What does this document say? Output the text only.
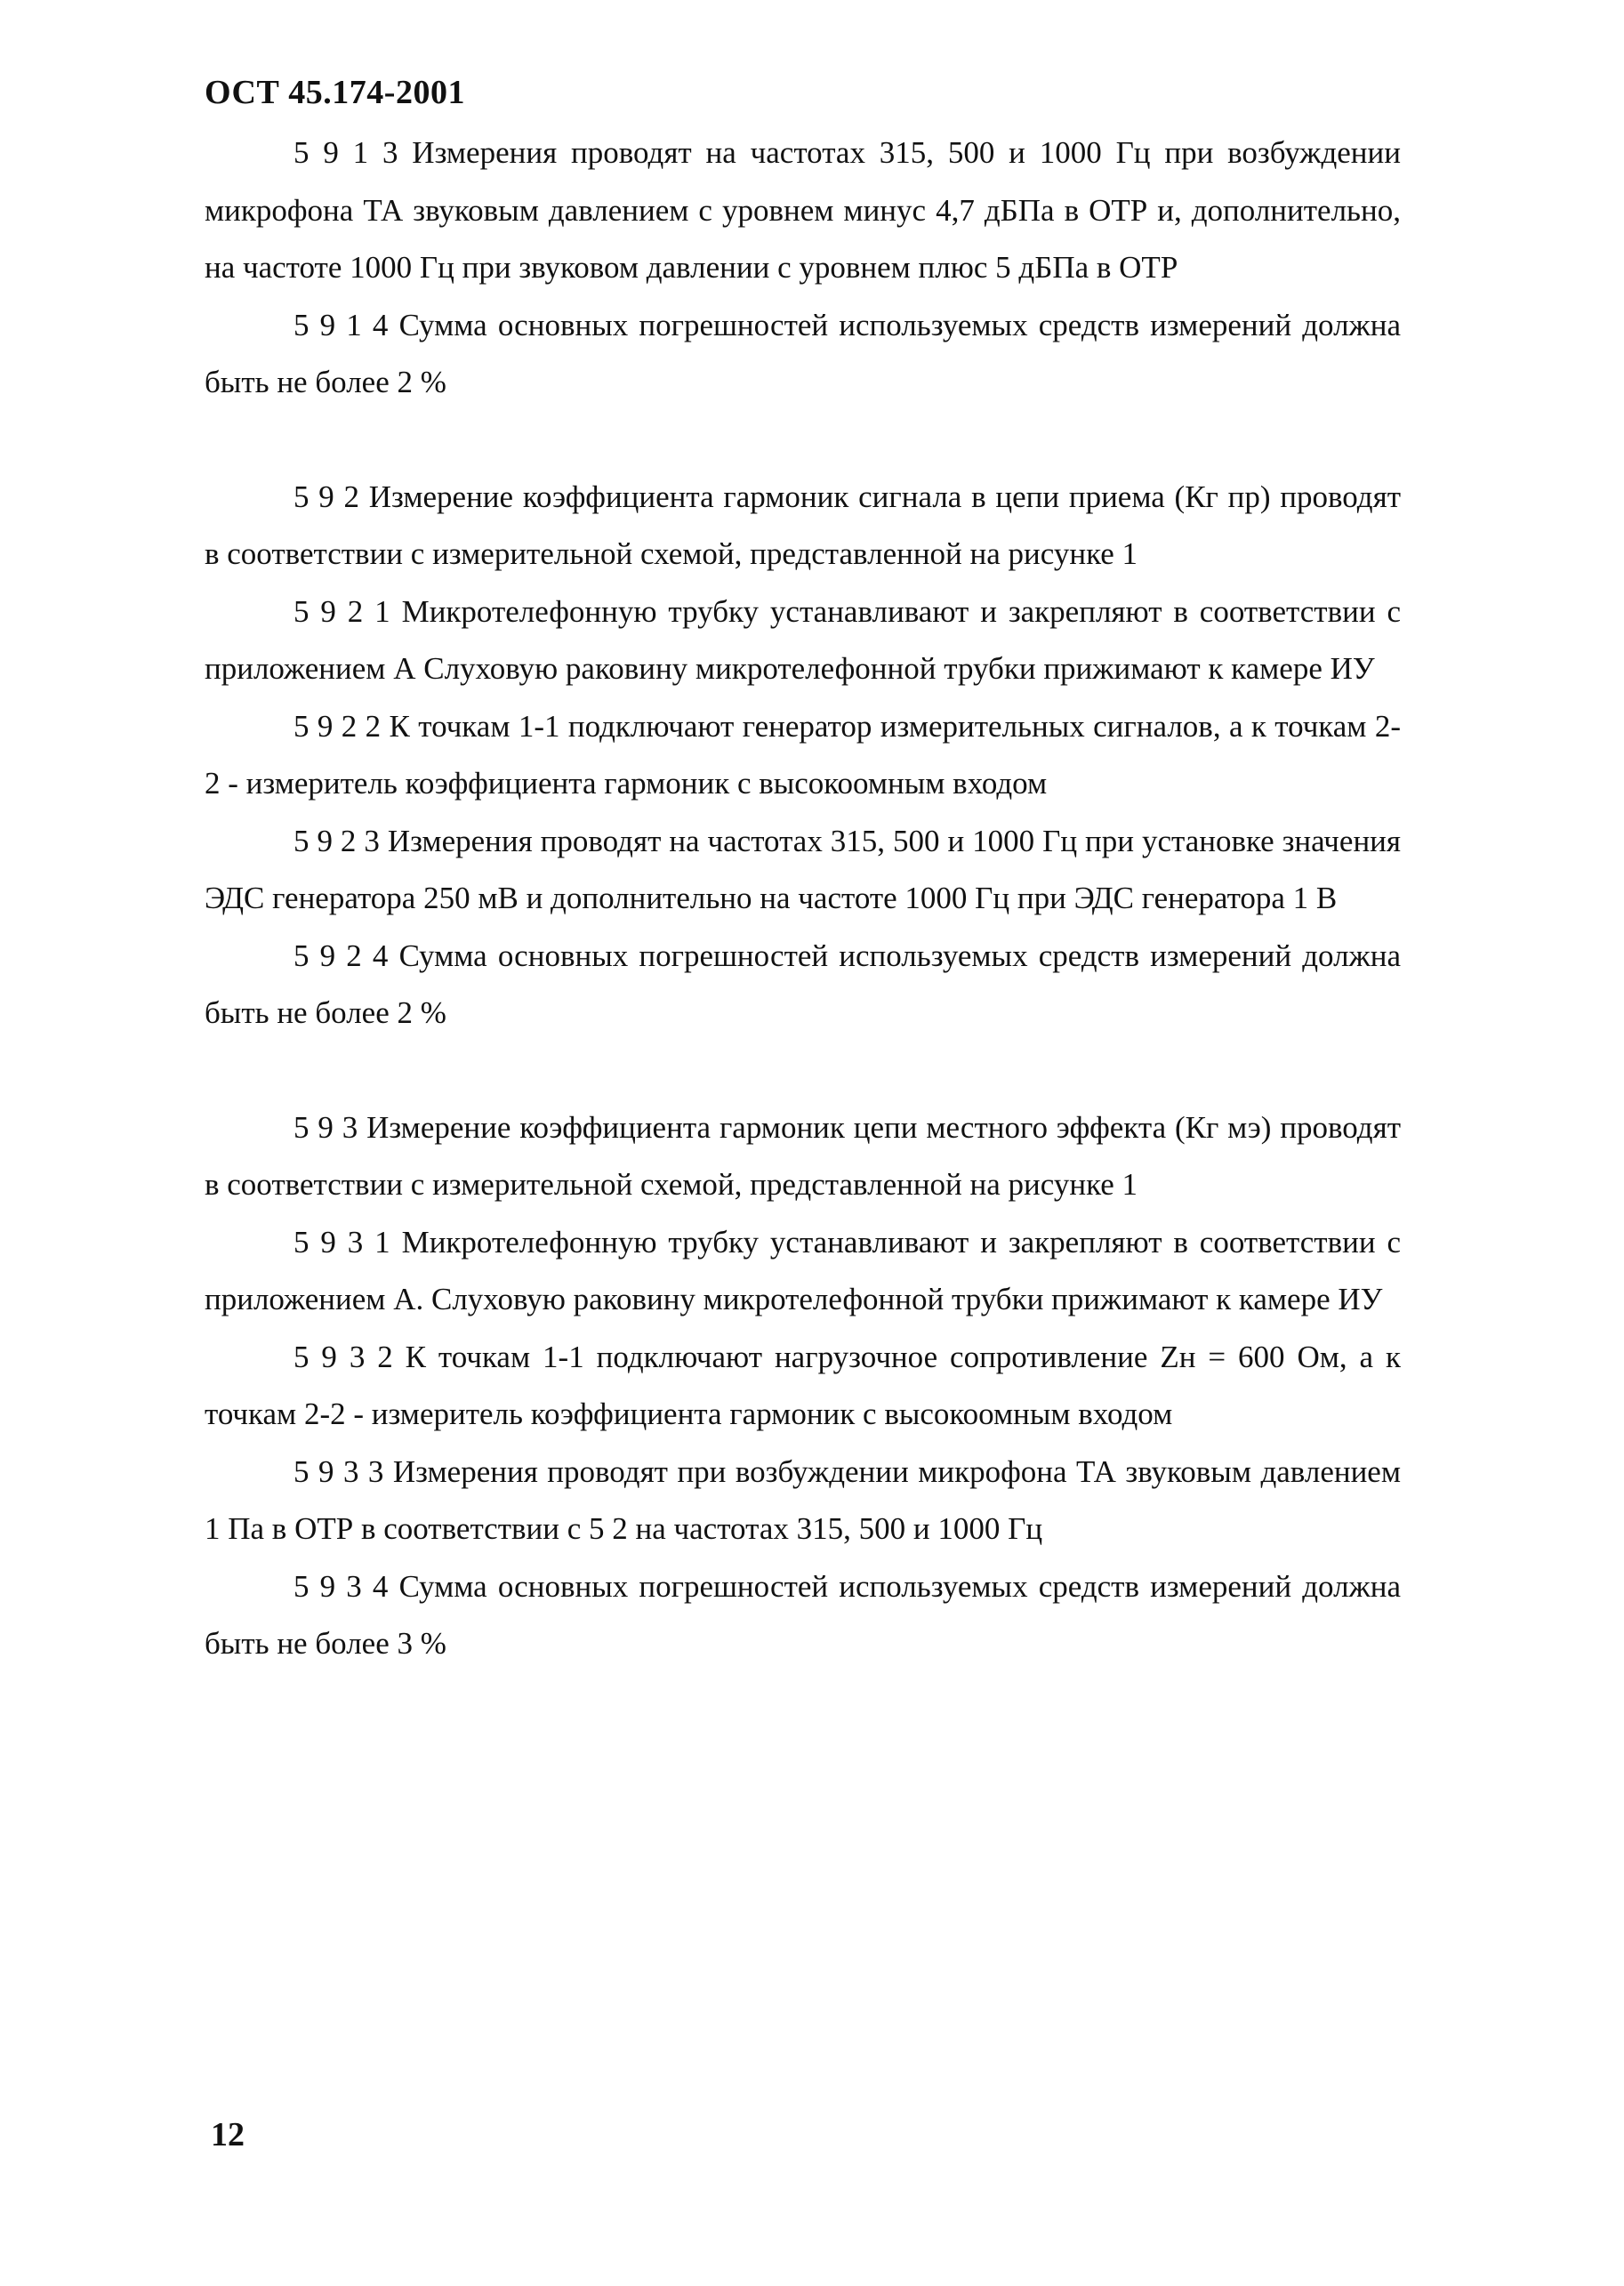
ОСТ 45.174-2001

5 9 1 3 Измерения проводят на частотах 315, 500 и 1000 Гц при возбуждении микрофона ТА звуковым давлением с уровнем минус 4,7 дБПа в ОТР и, дополнительно, на частоте 1000 Гц при звуковом давлении с уровнем плюс 5 дБПа в ОТР

5 9 1 4 Сумма основных погрешностей используемых средств измерений должна быть не более 2 %

5 9 2 Измерение коэффициента гармоник сигнала в цепи приема (Кг пр) проводят в соответствии с измерительной схемой, представленной на рисунке 1

5 9 2 1 Микротелефонную трубку устанавливают и закрепляют в соответствии с приложением А Слуховую раковину микротелефонной трубки прижимают к камере ИУ

5 9 2 2 К точкам 1-1 подключают генератор измерительных сигналов, а к точкам 2-2 - измеритель коэффициента гармоник с высокоомным входом

5 9 2 3 Измерения проводят на частотах 315, 500 и 1000 Гц при установке значения ЭДС генератора 250 мВ и дополнительно на частоте 1000 Гц при ЭДС генератора 1 В

5 9 2 4 Сумма основных погрешностей используемых средств измерений должна быть не более 2 %

5 9 3 Измерение коэффициента гармоник цепи местного эффекта (Кг мэ) проводят в соответствии с измерительной схемой, представленной на рисунке 1

5 9 3 1 Микротелефонную трубку устанавливают и закрепляют в соответствии с приложением А. Слуховую раковину микротелефонной трубки прижимают к камере ИУ

5 9 3 2 К точкам 1-1 подключают нагрузочное сопротивление Zн = 600 Ом, а к точкам 2-2 - измеритель коэффициента гармоник с высокоомным входом

5 9 3 3 Измерения проводят при возбуждении микрофона ТА звуковым давлением 1 Па в ОТР в соответствии с 5 2 на частотах 315, 500 и 1000 Гц

5 9 3 4 Сумма основных погрешностей используемых средств измерений должна быть не более 3 %

12
